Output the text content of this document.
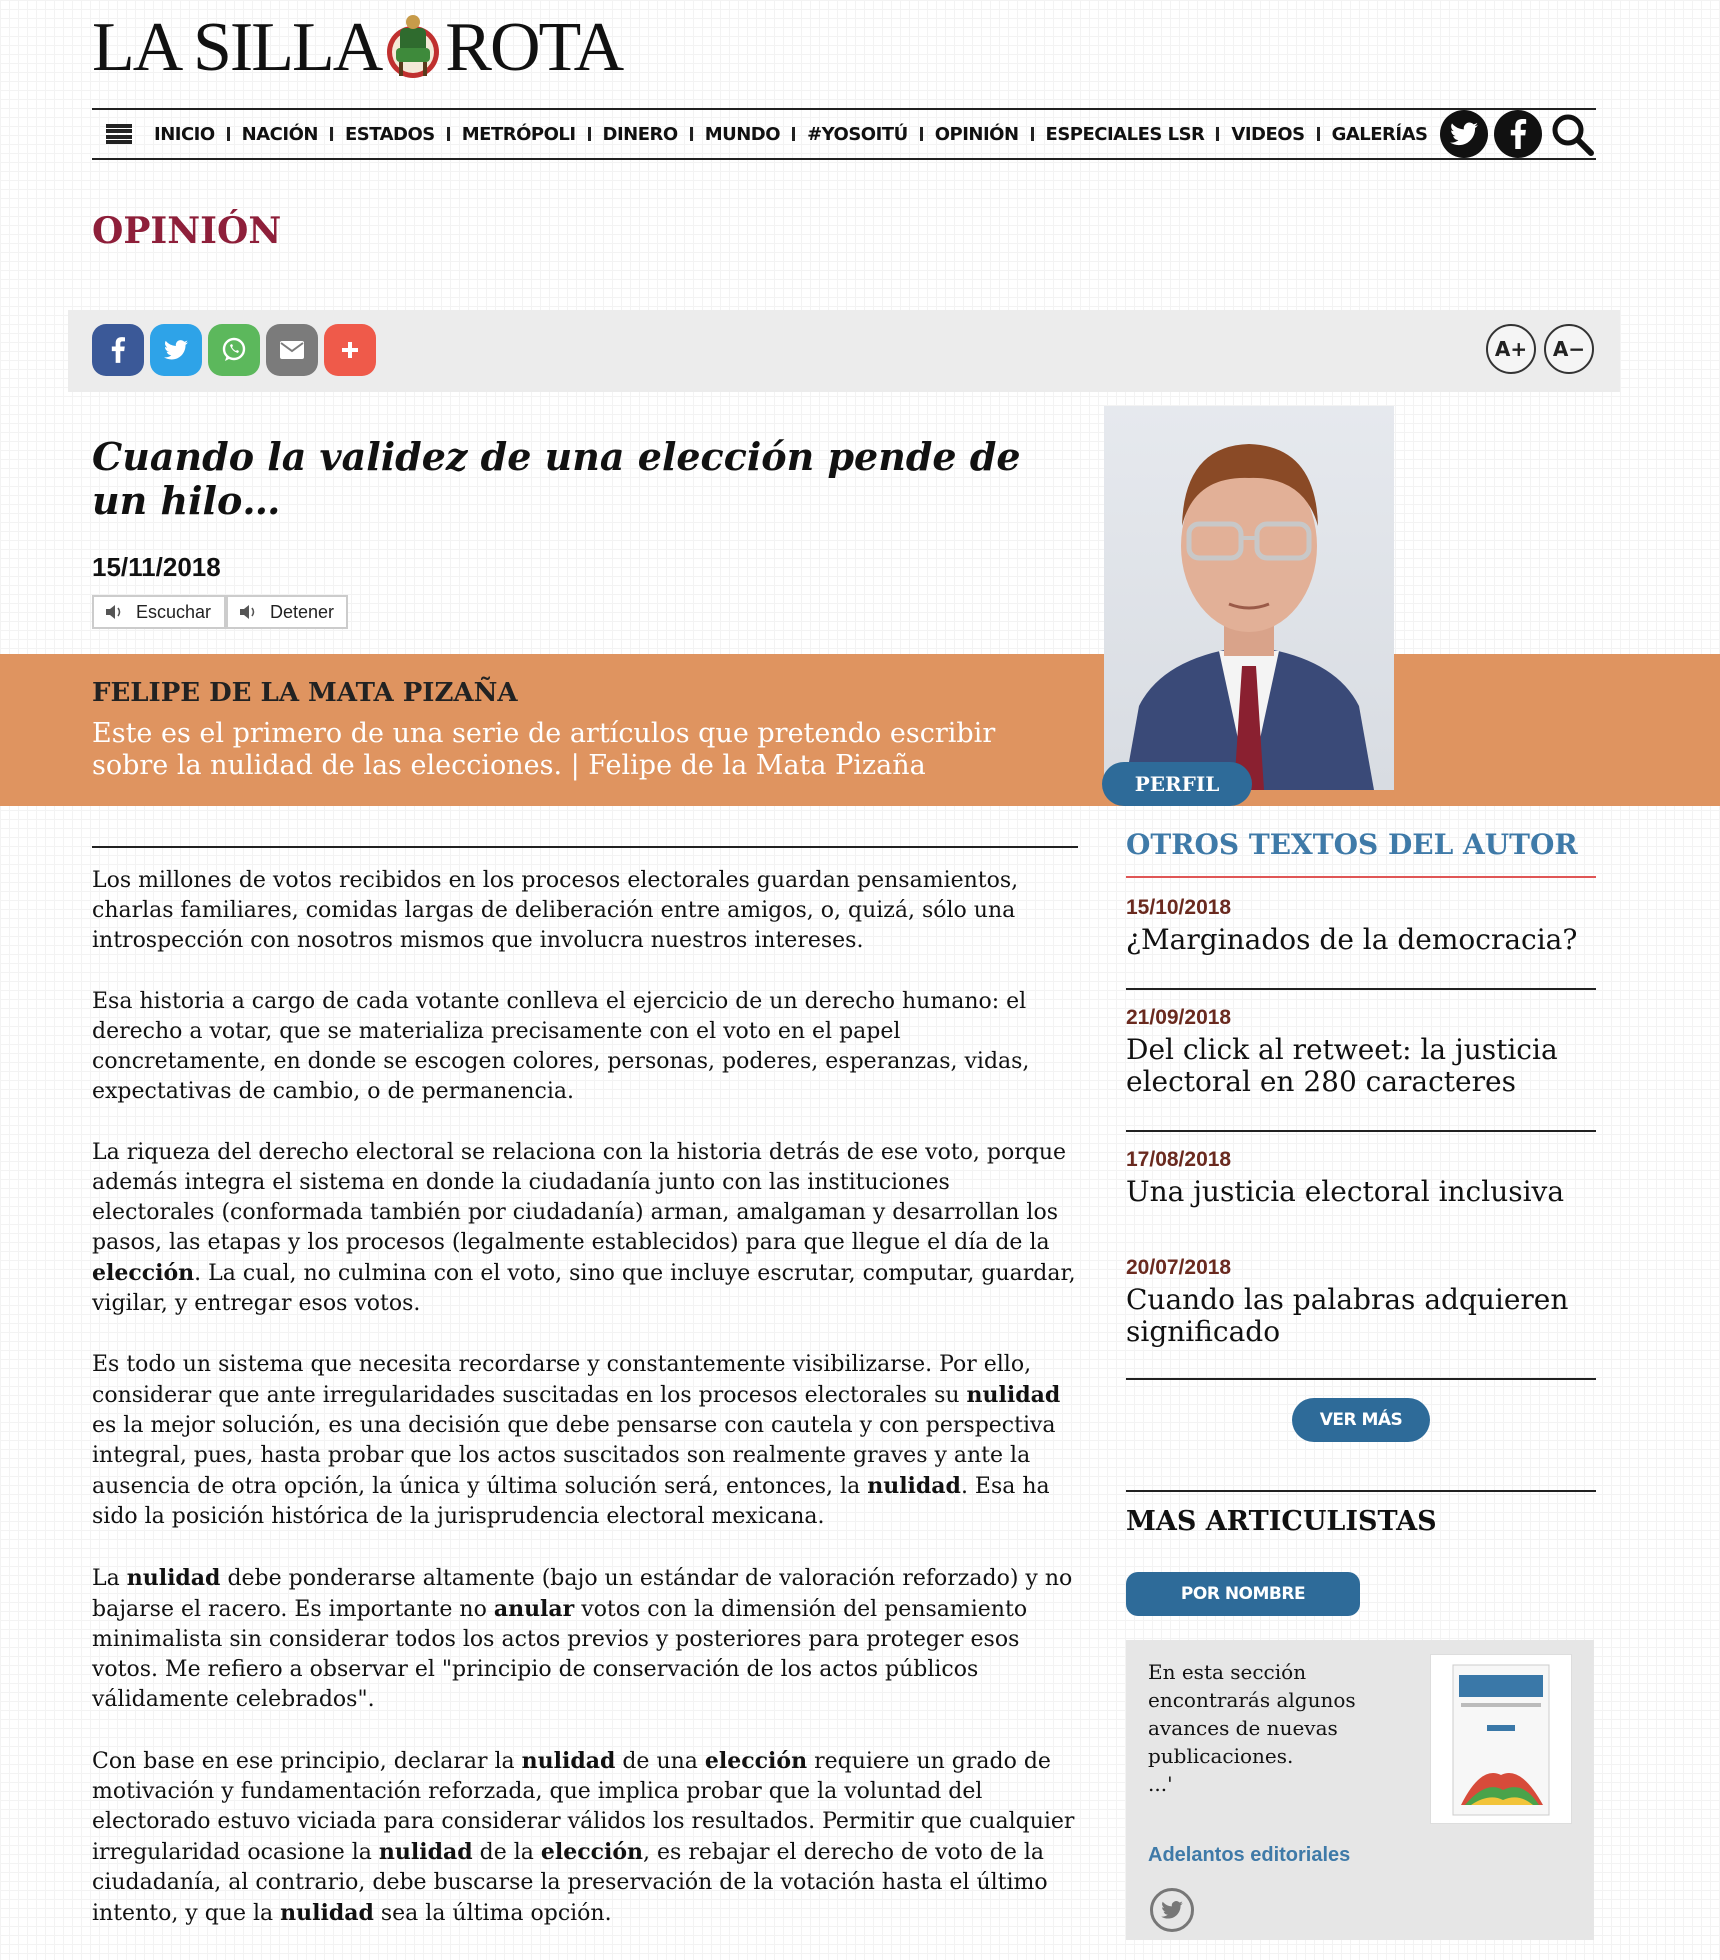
LA SILLA ROTA
INICIO NACIÓN ESTADOS METRÓPOLI DINERO MUNDO #YOSOITÚ OPINIÓN ESPECIALES LSR VIDEOS GALERÍAS
OPINIÓN
A+	A−
Cuando la validez de una elección pende de un hilo…
15/11/2018
Escuchar	Detener
FELIPE DE LA MATA PIZAÑA
Este es el primero de una serie de artículos que pretendo escribir sobre la nulidad de las elecciones. | Felipe de la Mata Pizaña
PERFIL

Los millones de votos recibidos en los procesos electorales guardan pensamientos, charlas familiares, comidas largas de deliberación entre amigos, o, quizá, sólo una introspección con nosotros mismos que involucra nuestros intereses.

Esa historia a cargo de cada votante conlleva el ejercicio de un derecho humano: el derecho a votar, que se materializa precisamente con el voto en el papel concretamente, en donde se escogen colores, personas, poderes, esperanzas, vidas, expectativas de cambio, o de permanencia.

La riqueza del derecho electoral se relaciona con la historia detrás de ese voto, porque además integra el sistema en donde la ciudadanía junto con las instituciones electorales (conformada también por ciudadanía) arman, amalgaman y desarrollan los pasos, las etapas y los procesos (legalmente establecidos) para que llegue el día de la elección. La cual, no culmina con el voto, sino que incluye escrutar, computar, guardar, vigilar, y entregar esos votos.

Es todo un sistema que necesita recordarse y constantemente visibilizarse. Por ello, considerar que ante irregularidades suscitadas en los procesos electorales su nulidad es la mejor solución, es una decisión que debe pensarse con cautela y con perspectiva integral, pues, hasta probar que los actos suscitados son realmente graves y ante la ausencia de otra opción, la única y última solución será, entonces, la nulidad. Esa ha sido la posición histórica de la jurisprudencia electoral mexicana.

La nulidad debe ponderarse altamente (bajo un estándar de valoración reforzado) y no bajarse el racero. Es importante no anular votos con la dimensión del pensamiento minimalista sin considerar todos los actos previos y posteriores para proteger esos votos. Me refiero a observar el "principio de conservación de los actos públicos válidamente celebrados".

Con base en ese principio, declarar la nulidad de una elección requiere un grado de motivación y fundamentación reforzada, que implica probar que la voluntad del electorado estuvo viciada para considerar válidos los resultados. Permitir que cualquier irregularidad ocasione la nulidad de la elección, es rebajar el derecho de voto de la ciudadanía, al contrario, debe buscarse la preservación de la votación hasta el último intento, y que la nulidad sea la última opción.

OTROS TEXTOS DEL AUTOR
15/10/2018
¿Marginados de la democracia?
21/09/2018
Del click al retweet: la justicia electoral en 280 caracteres
17/08/2018
Una justicia electoral inclusiva
20/07/2018
Cuando las palabras adquieren significado
VER MÁS
MAS ARTICULISTAS
POR NOMBRE
En esta sección encontrarás algunos avances de nuevas publicaciones.
...'
Adelantos editoriales
